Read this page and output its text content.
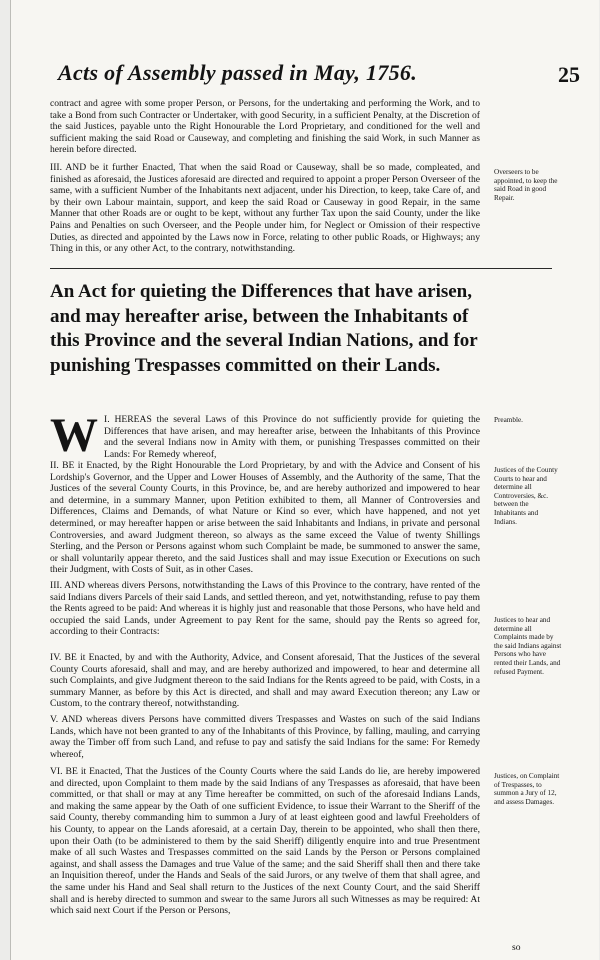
Acts of Assembly passed in May, 1756.	25

contract and agree with some proper Person, or Persons, for the undertaking and performing the Work, and to take a Bond from such Contracter or Undertaker, with good Security, in a sufficient Penalty, at the Discretion of the said Justices, payable unto the Right Honourable the Lord Proprietary, and conditioned for the well and sufficient making the said Road or Causeway, and completing and finishing the said Work, in such Manner as herein before directed.

III. AND be it further Enacted, That when the said Road or Causeway, shall be so made, compleated, and finished as aforesaid, the Justices aforesaid are directed and required to appoint a proper Person Overseer of the same, with a sufficient Number of the Inhabitants next adjacent, under his Direction, to keep, take Care of, and by their own Labour maintain, support, and keep the said Road or Causeway in good Repair, in the same Manner that other Roads are or ought to be kept, without any further Tax upon the said County, under the like Pains and Penalties on such Overseer, and the People under him, for Neglect or Omission of their respective Duties, as directed and appointed by the Laws now in Force, relating to other public Roads, or Highways; any Thing in this, or any other Act, to the contrary, notwithstanding.

Overseers to be appointed, to keep the said Road in good Repair.
An Act for quieting the Differences that have arisen, and may hereafter arise, between the Inhabitants of this Province and the several Indian Nations, and for punishing Trespasses committed on their Lands.
W I. HEREAS the several Laws of this Province do not sufficiently provide for quieting the Differences that have arisen, and may hereafter arise, between the Inhabitants of this Province and the several Indians now in Amity with them, or punishing Trespasses committed on their Lands: For Remedy whereof,

Preamble.

II. BE it Enacted, by the Right Honourable the Lord Proprietary, by and with the Advice and Consent of his Lordship's Governor, and the Upper and Lower Houses of Assembly, and the Authority of the same, That the Justices of the several County Courts, in this Province, be, and are hereby authorized and impowered to hear and determine, in a summary Manner, upon Petition exhibited to them, all Manner of Controversies and Differences, Claims and Demands, of what Nature or Kind so ever, which have happened, and not yet determined, or may hereafter happen or arise between the said Inhabitants and Indians, in private and personal Controversies, and award Judgment thereon, so always as the same exceed the Value of twenty Shillings Sterling, and the Person or Persons against whom such Complaint be made, be summoned to answer the same, or shall voluntarily appear thereto, and the said Justices shall and may issue Execution or Executions on such their Judgment, with Costs of Suit, as in other Cases.

Justices of the County Courts to hear and determine all Controversies, &c. between the Inhabitants and Indians.

III. AND whereas divers Persons, notwithstanding the Laws of this Province to the contrary, have rented of the said Indians divers Parcels of their said Lands, and settled thereon, and yet, notwithstanding, refuse to pay them the Rents agreed to be paid: And whereas it is highly just and reasonable that those Persons, who have held and occupied the said Lands, under Agreement to pay Rent for the same, should pay the Rents so agreed for, according to their Contracts:

Justices to hear and determine all Complaints made by the said Indians against Persons who have rented their Lands, and refused Payment.

IV. BE it Enacted, by and with the Authority, Advice, and Consent aforesaid, That the Justices of the several County Courts aforesaid, shall and may, and are hereby authorized and impowered, to hear and determine all such Complaints, and give Judgment thereon to the said Indians for the Rents agreed to be paid, with Costs, in a summary Manner, as before by this Act is directed, and shall and may award Execution thereon; any Law or Custom, to the contrary thereof, notwithstanding.

V. AND whereas divers Persons have committed divers Trespasses and Wastes on such of the said Indians Lands, which have not been granted to any of the Inhabitants of this Province, by falling, mauling, and carrying away the Timber off from such Land, and refuse to pay and satisfy the said Indians for the same: For Remedy whereof,

VI. BE it Enacted, That the Justices of the County Courts where the said Lands do lie, are hereby impowered and directed, upon Complaint to them made by the said Indians of any Trespasses as aforesaid, that have been committed, or that shall or may at any Time hereafter be committed, on such of the aforesaid Indians Lands, and making the same appear by the Oath of one sufficient Evidence, to issue their Warrant to the Sheriff of the said County, thereby commanding him to summon a Jury of at least eighteen good and lawful Freeholders of his County, to appear on the Lands aforesaid, at a certain Day, therein to be appointed, who shall then there, upon their Oath (to be administered to them by the said Sheriff) diligently enquire into and true Presentment make of all such Wastes and Trespasses committed on the said Lands by the Person or Persons complained against, and shall assess the Damages and true Value of the same; and the said Sheriff shall then and there take an Inquisition thereof, under the Hands and Seals of the said Jurors, or any twelve of them that shall agree, and the same under his Hand and Seal shall return to the Justices of the next County Court, and the said Sheriff shall and is hereby directed to summon and swear to the same Jurors all such Witnesses as may be required: At which said next Court if the Person or Persons,

Justices, on Complaint of Trespasses, to summon a Jury of 12, and assess Damages.
so
